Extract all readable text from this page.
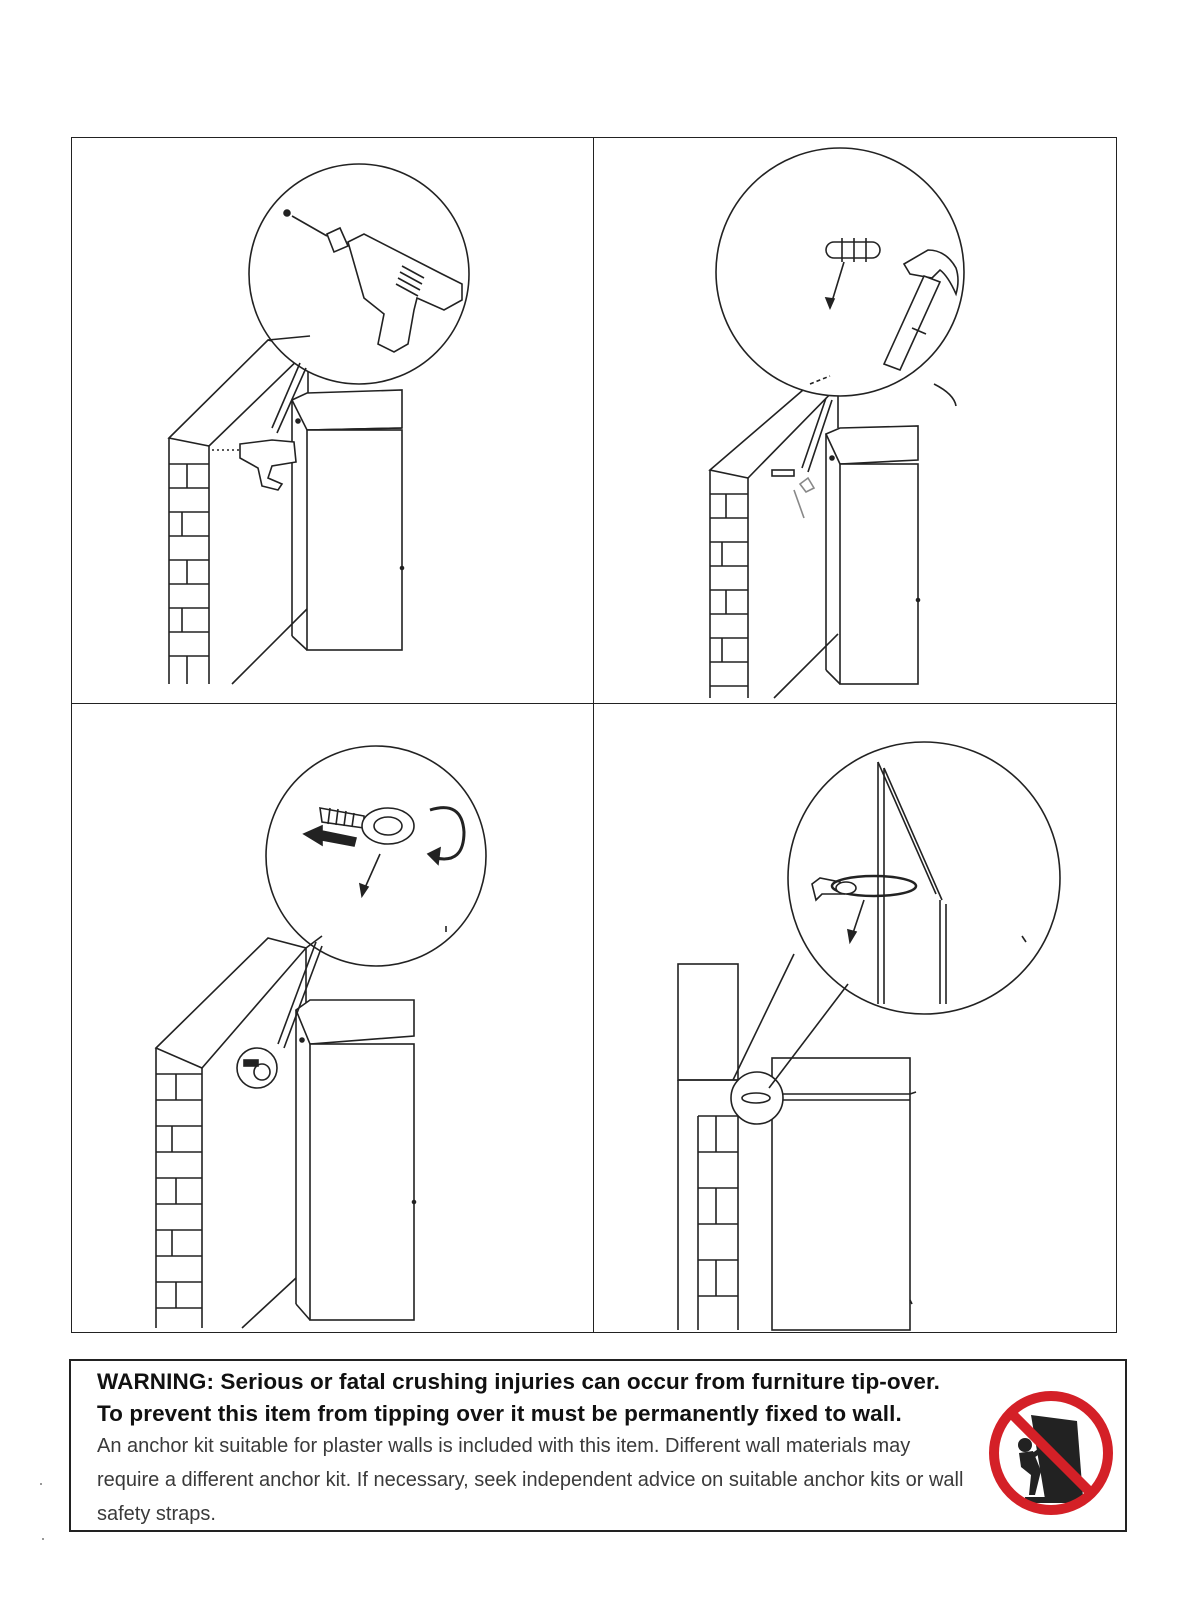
WARNING: Serious or fatal crushing injuries can occur from furniture tip-over.
To prevent this item from tipping over it must be permanently fixed to wall.
An anchor kit suitable for plaster walls is included with this item. Different wall materials may require a different anchor kit. If necessary, seek independent advice on suitable anchor kits or wall safety straps.
